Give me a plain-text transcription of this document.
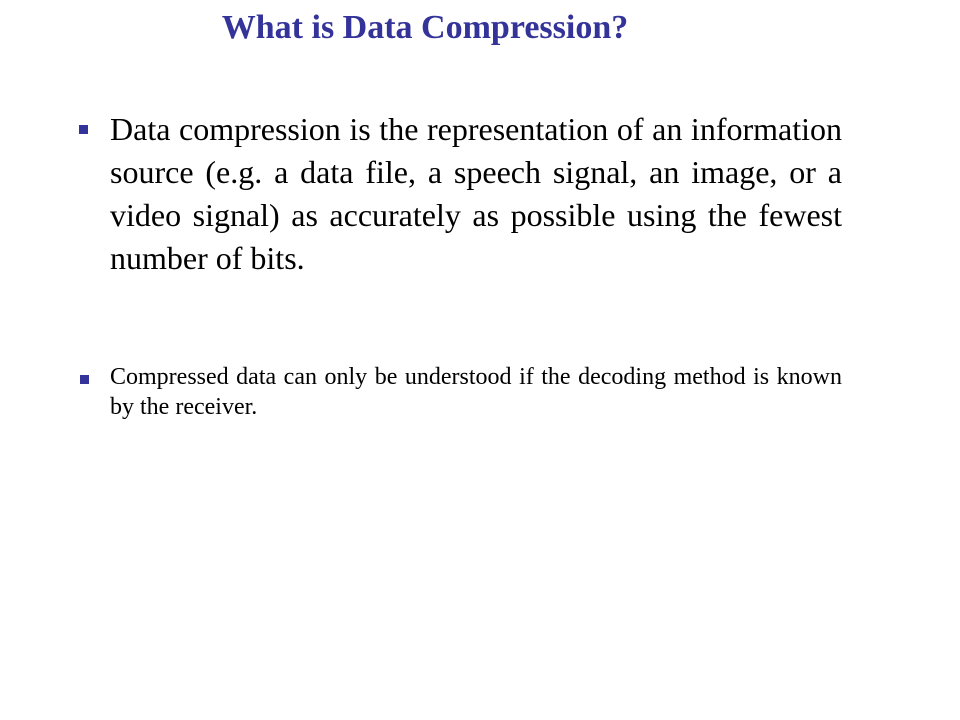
What is Data Compression?
Data compression is the representation of an information source (e.g. a data file, a speech signal, an image, or a video signal) as accurately as possible using the fewest number of bits.
Compressed data can only be understood if the decoding method is known by the receiver.
